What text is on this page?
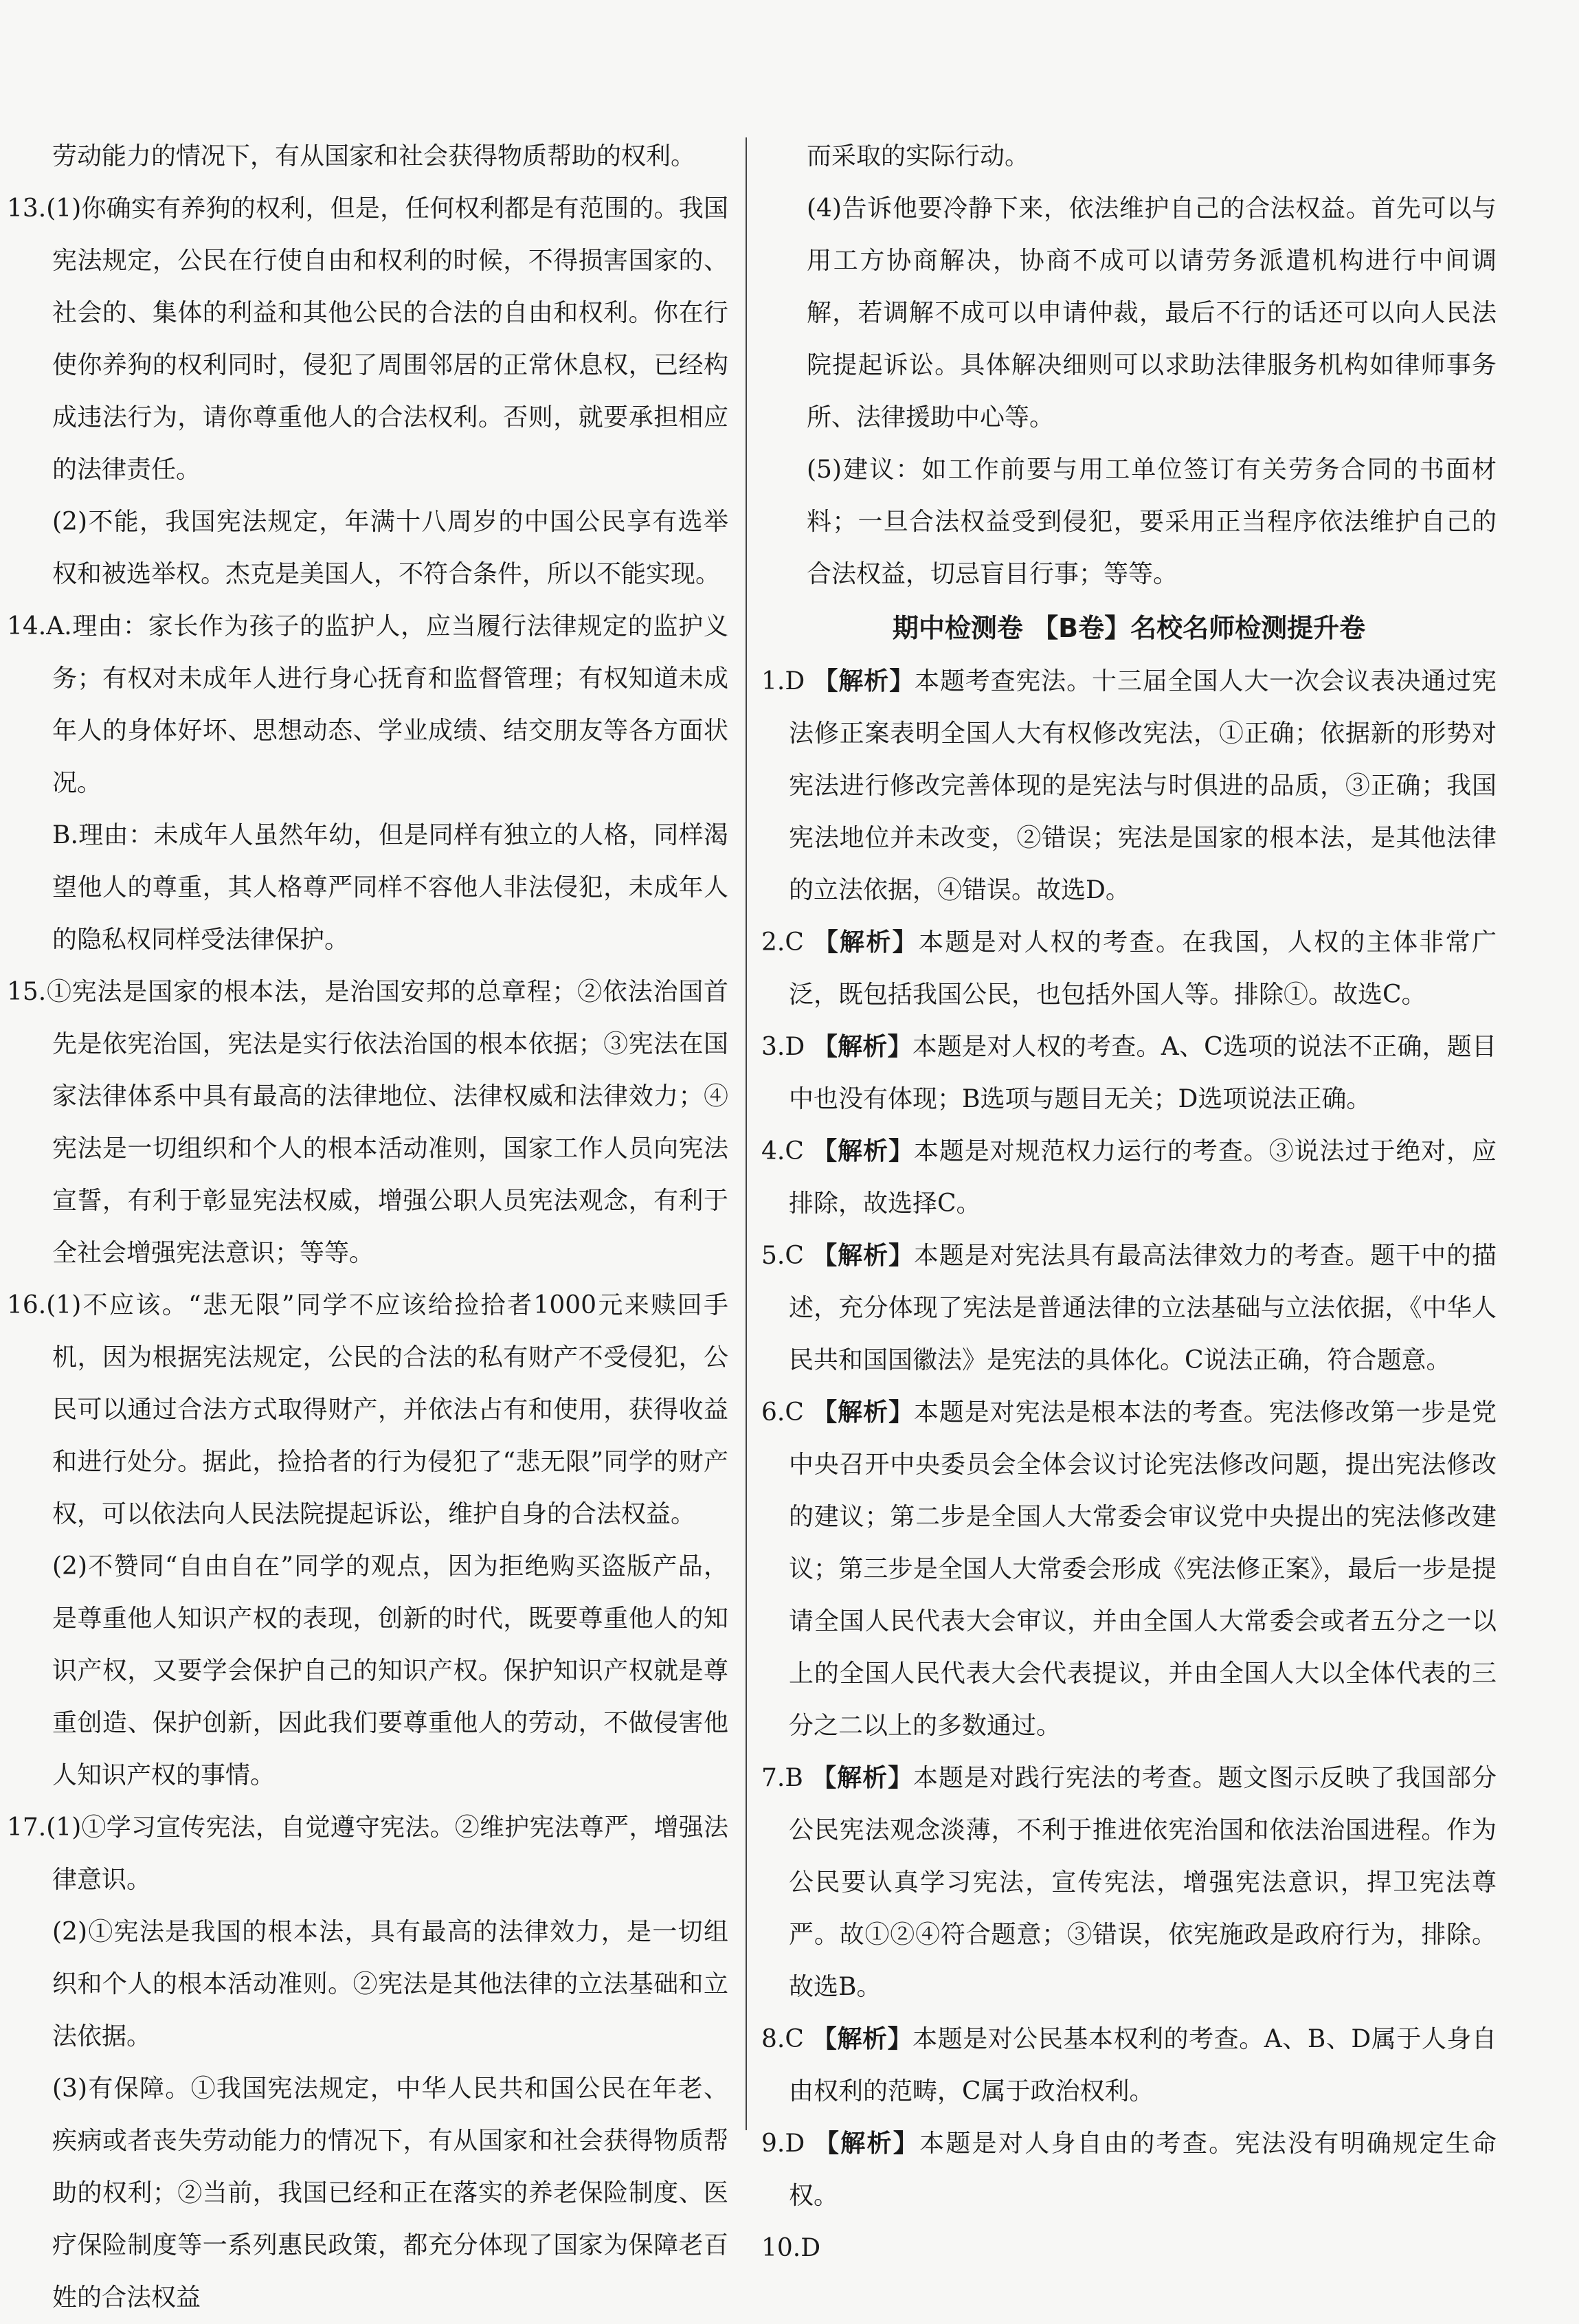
劳动能力的情况下，有从国家和社会获得物质帮助的权利。

13.(1)你确实有养狗的权利，但是，任何权利都是有范围的。我国宪法规定，公民在行使自由和权利的时候，不得损害国家的、社会的、集体的利益和其他公民的合法的自由和权利。你在行使你养狗的权利同时，侵犯了周围邻居的正常休息权，已经构成违法行为，请你尊重他人的合法权利。否则，就要承担相应的法律责任。

(2)不能，我国宪法规定，年满十八周岁的中国公民享有选举权和被选举权。杰克是美国人，不符合条件，所以不能实现。

14.A.理由：家长作为孩子的监护人，应当履行法律规定的监护义务；有权对未成年人进行身心抚育和监督管理；有权知道未成年人的身体好坏、思想动态、学业成绩、结交朋友等各方面状况。

B.理由：未成年人虽然年幼，但是同样有独立的人格，同样渴望他人的尊重，其人格尊严同样不容他人非法侵犯，未成年人的隐私权同样受法律保护。

15.①宪法是国家的根本法，是治国安邦的总章程；②依法治国首先是依宪治国，宪法是实行依法治国的根本依据；③宪法在国家法律体系中具有最高的法律地位、法律权威和法律效力；④宪法是一切组织和个人的根本活动准则，国家工作人员向宪法宣誓，有利于彰显宪法权威，增强公职人员宪法观念，有利于全社会增强宪法意识；等等。

16.(1)不应该。“悲无限”同学不应该给捡拾者1000元来赎回手机，因为根据宪法规定，公民的合法的私有财产不受侵犯，公民可以通过合法方式取得财产，并依法占有和使用，获得收益和进行处分。据此，捡拾者的行为侵犯了“悲无限”同学的财产权，可以依法向人民法院提起诉讼，维护自身的合法权益。

(2)不赞同“自由自在”同学的观点，因为拒绝购买盗版产品，是尊重他人知识产权的表现，创新的时代，既要尊重他人的知识产权，又要学会保护自己的知识产权。保护知识产权就是尊重创造、保护创新，因此我们要尊重他人的劳动，不做侵害他人知识产权的事情。

17.(1)①学习宣传宪法，自觉遵守宪法。②维护宪法尊严，增强法律意识。

(2)①宪法是我国的根本法，具有最高的法律效力，是一切组织和个人的根本活动准则。②宪法是其他法律的立法基础和立法依据。

(3)有保障。①我国宪法规定，中华人民共和国公民在年老、疾病或者丧失劳动能力的情况下，有从国家和社会获得物质帮助的权利；②当前，我国已经和正在落实的养老保险制度、医疗保险制度等一系列惠民政策，都充分体现了国家为保障老百姓的合法权益

而采取的实际行动。

(4)告诉他要冷静下来，依法维护自己的合法权益。首先可以与用工方协商解决，协商不成可以请劳务派遣机构进行中间调解，若调解不成可以申请仲裁，最后不行的话还可以向人民法院提起诉讼。具体解决细则可以求助法律服务机构如律师事务所、法律援助中心等。

(5)建议：如工作前要与用工单位签订有关劳务合同的书面材料；一旦合法权益受到侵犯，要采用正当程序依法维护自己的合法权益，切忌盲目行事；等等。

期中检测卷 【B卷】名校名师检测提升卷

1.D 【解析】本题考查宪法。十三届全国人大一次会议表决通过宪法修正案表明全国人大有权修改宪法，①正确；依据新的形势对宪法进行修改完善体现的是宪法与时俱进的品质，③正确；我国宪法地位并未改变，②错误；宪法是国家的根本法，是其他法律的立法依据，④错误。故选D。

2.C 【解析】本题是对人权的考查。在我国，人权的主体非常广泛，既包括我国公民，也包括外国人等。排除①。故选C。

3.D 【解析】本题是对人权的考查。A、C选项的说法不正确，题目中也没有体现；B选项与题目无关；D选项说法正确。

4.C 【解析】本题是对规范权力运行的考查。③说法过于绝对，应排除，故选择C。

5.C 【解析】本题是对宪法具有最高法律效力的考查。题干中的描述，充分体现了宪法是普通法律的立法基础与立法依据，《中华人民共和国国徽法》是宪法的具体化。C说法正确，符合题意。

6.C 【解析】本题是对宪法是根本法的考查。宪法修改第一步是党中央召开中央委员会全体会议讨论宪法修改问题，提出宪法修改的建议；第二步是全国人大常委会审议党中央提出的宪法修改建议；第三步是全国人大常委会形成《宪法修正案》，最后一步是提请全国人民代表大会审议，并由全国人大常委会或者五分之一以上的全国人民代表大会代表提议，并由全国人大以全体代表的三分之二以上的多数通过。

7.B 【解析】本题是对践行宪法的考查。题文图示反映了我国部分公民宪法观念淡薄，不利于推进依宪治国和依法治国进程。作为公民要认真学习宪法，宣传宪法，增强宪法意识，捍卫宪法尊严。故①②④符合题意；③错误，依宪施政是政府行为，排除。故选B。

8.C 【解析】本题是对公民基本权利的考查。A、B、D属于人身自由权利的范畴，C属于政治权利。

9.D 【解析】本题是对人身自由的考查。宪法没有明确规定生命权。

10.D
